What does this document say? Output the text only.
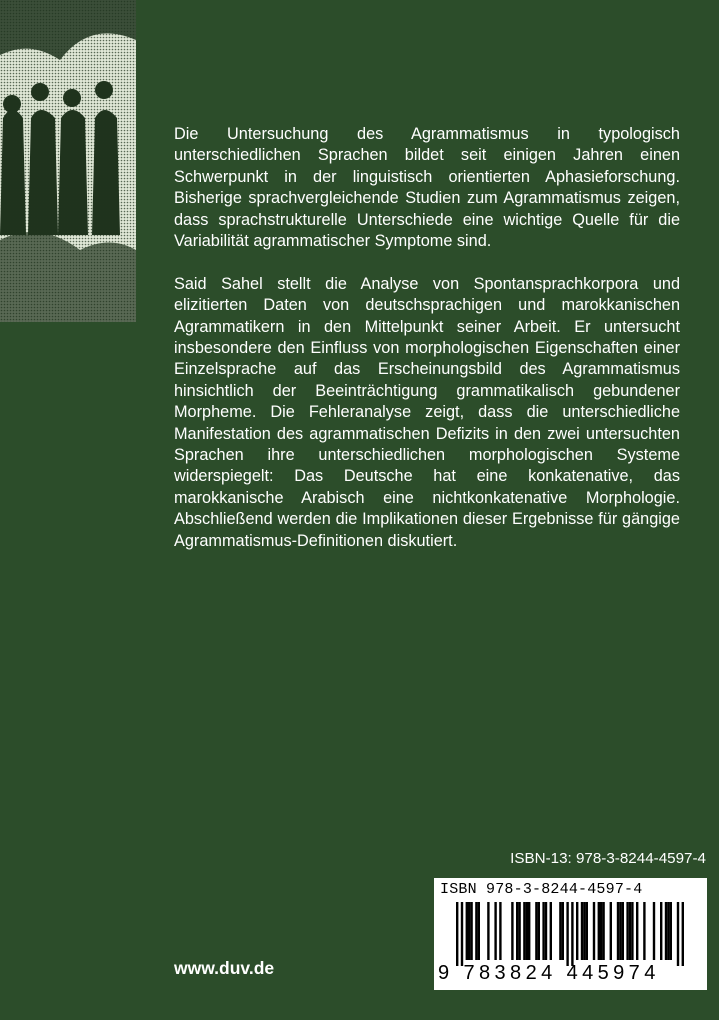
Die Untersuchung des Agrammatismus in typologisch unterschiedlichen Sprachen bildet seit einigen Jahren einen Schwerpunkt in der linguistisch orientierten Aphasieforschung. Bisherige sprachvergleichende Studien zum Agrammatismus zeigen, dass sprachstrukturelle Unterschiede eine wichtige Quelle für die Variabilität agrammatischer Symptome sind.

Said Sahel stellt die Analyse von Spontansprachkorpora und elizitierten Daten von deutschsprachigen und marokkanischen Agrammatikern in den Mittelpunkt seiner Arbeit. Er untersucht insbesondere den Einfluss von morphologischen Eigenschaften einer Einzelsprache auf das Erscheinungsbild des Agrammatismus hinsichtlich der Beeinträchtigung grammatikalisch gebundener Morpheme. Die Fehleranalyse zeigt, dass die unterschiedliche Manifestation des agrammatischen Defizits in den zwei untersuchten Sprachen ihre unterschiedlichen morphologischen Systeme widerspiegelt: Das Deutsche hat eine konkatenative, das marokkanische Arabisch eine nichtkonkatenative Morphologie. Abschließend werden die Implikationen dieser Ergebnisse für gängige Agrammatismus-Definitionen diskutiert.

ISBN-13: 978-3-8244-4597-4
ISBN 978-3-8244-4597-4
9 783824 445974
www.duv.de
